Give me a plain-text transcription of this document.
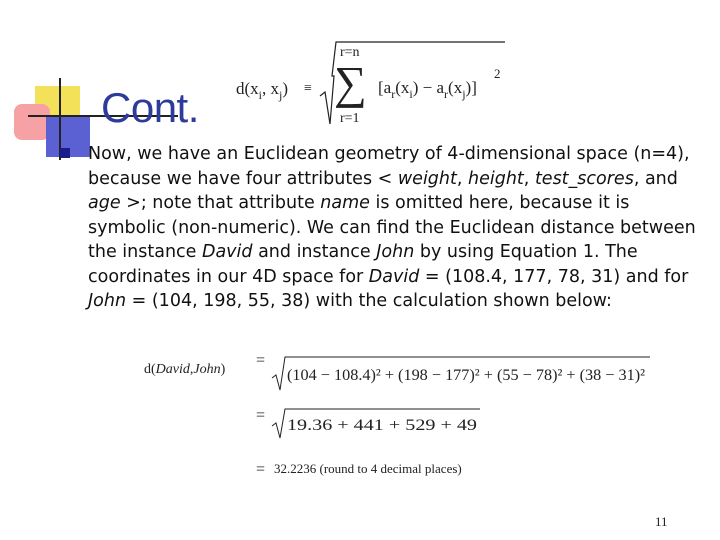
Cont. $d(x_i$, $x_j$) ≡
r=n
∑
r=1
$[a_r(x_i) - a_r(x_j)]$
2
Now, we have an Euclidean geometry of 4-dimensional space (n=4), because we have four attributes < weight, height, test_scores, and age >; note that attribute name is omitted here, because it is symbolic (non-numeric). We can find the Euclidean distance between the instance David and instance John by using Equation 1. The coordinates in our 4D space for David = (108.4, 177, 78, 31) and for John = (104, 198, 55, 38) with the calculation shown below:
d(David,John)
=
(104 − 108.4)² + (198 − 177)² + (55 − 78)² + (38 − 31)²
=
19.36 + 441 + 529 + 49
= 32.2236 (round to 4 decimal places)
11
